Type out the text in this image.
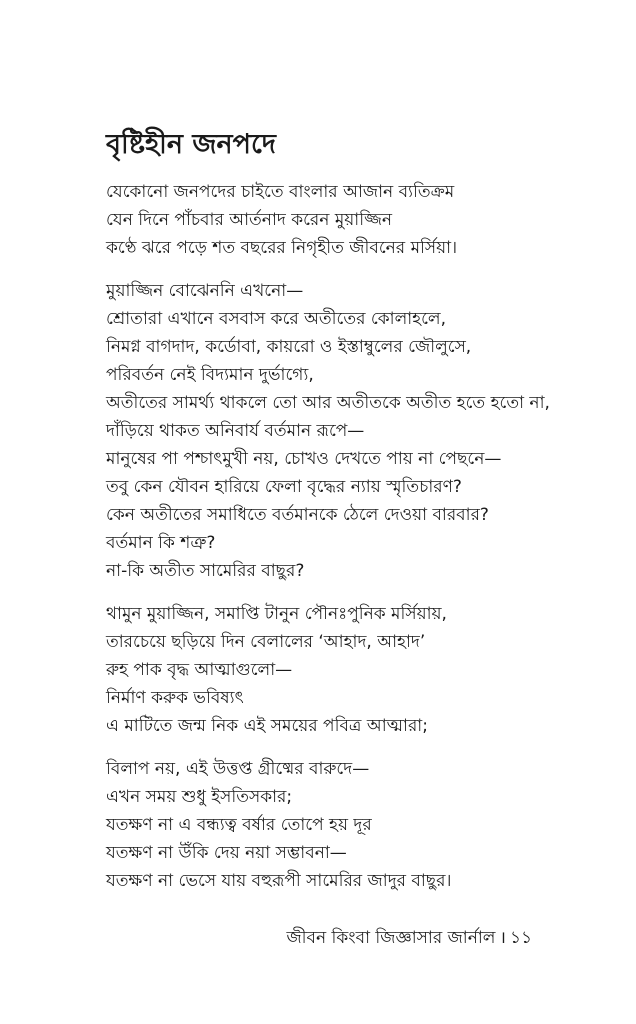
বৃষ্টিহীন জনপদে
যেকোনো জনপদের চাইতে বাংলার আজান ব্যতিক্রম
যেন দিনে পাঁচবার আর্তনাদ করেন মুয়াজ্জিন
কণ্ঠে ঝরে পড়ে শত বছরের নিগৃহীত জীবনের মর্সিয়া।
মুয়াজ্জিন বোঝেননি এখনো—
শ্রোতারা এখানে বসবাস করে অতীতের কোলাহলে,
নিমগ্ন বাগদাদ, কর্ডোবা, কায়রো ও ইস্তাম্বুলের জৌলুসে,
পরিবর্তন নেই বিদ্যমান দুর্ভাগ্যে,
অতীতের সামর্থ্য থাকলে তো আর অতীতকে অতীত হতে হতো না,
দাঁড়িয়ে থাকত অনিবার্য বর্তমান রূপে—
মানুষের পা পশ্চাৎমুখী নয়, চোখও দেখতে পায় না পেছনে—
তবু কেন যৌবন হারিয়ে ফেলা বৃদ্ধের ন্যায় স্মৃতিচারণ?
কেন অতীতের সমাধিতে বর্তমানকে ঠেলে দেওয়া বারবার?
বর্তমান কি শত্রু?
না-কি অতীত সামেরির বাছুর?
থামুন মুয়াজ্জিন, সমাপ্তি টানুন পৌনঃপুনিক মর্সিয়ায়,
তারচেয়ে ছড়িয়ে দিন বেলালের ‘আহাদ, আহাদ’
রুহ পাক বৃদ্ধ আত্মাগুলো—
নির্মাণ করুক ভবিষ্যৎ
এ মাটিতে জন্ম নিক এই সময়ের পবিত্র আত্মারা;
বিলাপ নয়, এই উত্তপ্ত গ্রীষ্মের বারুদে—
এখন সময় শুধু ইসতিসকার;
যতক্ষণ না এ বন্ধ্যত্ব বর্ষার তোপে হয় দূর
যতক্ষণ না উঁকি দেয় নয়া সম্ভাবনা—
যতক্ষণ না ভেসে যায় বহুরূপী সামেরির জাদুর বাছুর।
জীবন কিংবা জিজ্ঞাসার জার্নাল । ১১
